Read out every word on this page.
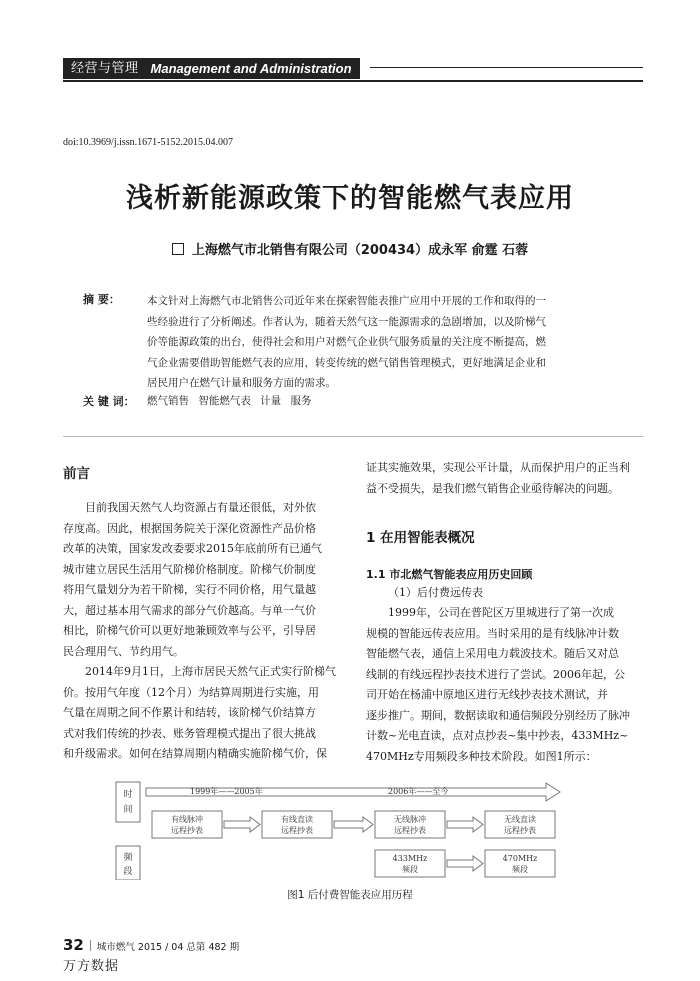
经营与管理 Management and Administration
doi:10.3969/j.issn.1671-5152.2015.04.007
浅析新能源政策下的智能燃气表应用
上海燃气市北销售有限公司（200434）成永军 俞霆 石蓉
摘 要：	本文针对上海燃气市北销售公司近年来在探索智能表推广应用中开展的工作和取得的一
些经验进行了分析阐述。作者认为，随着天然气这一能源需求的急剧增加，以及阶梯气
价等能源政策的出台，使得社会和用户对燃气企业供气服务质量的关注度不断提高，燃
气企业需要借助智能燃气表的应用，转变传统的燃气销售管理模式，更好地满足企业和
居民用户在燃气计量和服务方面的需求。
关 键 词： 燃气销售 智能燃气表 计量 服务
前言
目前我国天然气人均资源占有量还很低，对外依
存度高。因此，根据国务院关于深化资源性产品价格
改革的决策，国家发改委要求2015年底前所有已通气
城市建立居民生活用气阶梯价格制度。阶梯气价制度
将用气量划分为若干阶梯，实行不同价格，用气量越
大，超过基本用气需求的部分气价越高。与单一气价
相比，阶梯气价可以更好地兼顾效率与公平，引导居
民合理用气、节约用气。
2014年9月1日，上海市居民天然气正式实行阶梯气
价。按用气年度（12个月）为结算周期进行实施，用
气量在周期之间不作累计和结转，该阶梯气价结算方
式对我们传统的抄表、账务管理模式提出了很大挑战
和升级需求。如何在结算周期内精确实施阶梯气价，保
证其实施效果，实现公平计量，从而保护用户的正当利
益不受损失，是我们燃气销售企业亟待解决的问题。
1 在用智能表概况
1.1 市北燃气智能表应用历史回顾
（1）后付费远传表
1999年，公司在普陀区万里城进行了第一次成
规模的智能远传表应用。当时采用的是有线脉冲计数
智能燃气表，通信上采用电力载波技术。随后又对总
线制的有线远程抄表技术进行了尝试。2006年起，公
司开始在杨浦中原地区进行无线抄表技术测试，并
逐步推广。期间，数据读取和通信频段分别经历了脉冲
计数~光电直读，点对点抄表~集中抄表，433MHz~
470MHz专用频段多种技术阶段。如图1所示：
时
间
频
段
1999年——2005年	2006年——至今
有线脉冲
远程抄表
有线直读
远程抄表
无线脉冲
远程抄表
无线直读
远程抄表
433MHz
频段
470MHz
频段
图1 后付费智能表应用历程
32 城市燃气 2015 / 04 总第 482 期
万方数据
